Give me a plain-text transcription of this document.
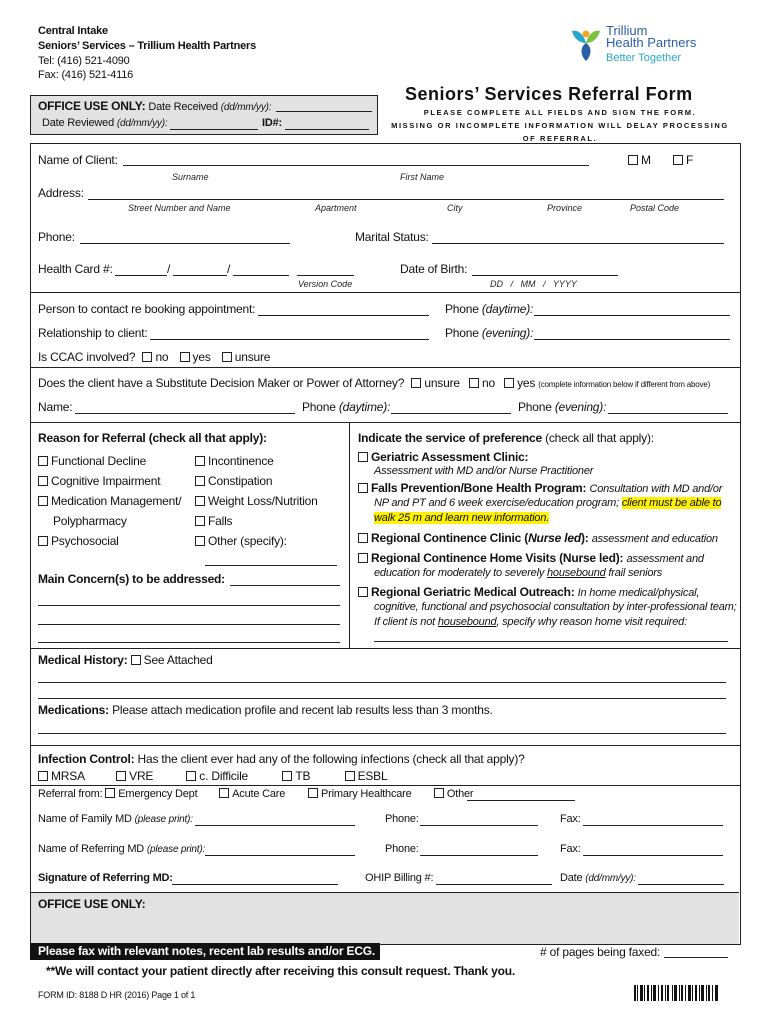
Central Intake
Seniors’ Services – Trillium Health Partners
Tel: (416) 521-4090
Fax: (416) 521-4116
Trillium
Health Partners
Better Together
Seniors’ Services Referral Form
PLEASE COMPLETE ALL FIELDS AND SIGN THE FORM.
MISSING OR INCOMPLETE INFORMATION WILL DELAY PROCESSING
OF REFERRAL.
OFFICE USE ONLY: Date Received (dd/mm/yy):
Date Reviewed (dd/mm/yy):	ID#:
Name of Client:	M	F
Surname	First Name
Address:
Street Number and Name	Apartment	City	Province	Postal Code
Phone:	Marital Status:
Health Card #:	/	/
Version Code
Date of Birth:
DD   /   MM   /   YYYY
Person to contact re booking appointment:	Phone (daytime):
Relationship to client:	Phone (evening):
Is CCAC involved? no yes unsure
Does the client have a Substitute Decision Maker or Power of Attorney? unsure no yes (complete information below if different from above)
Name:	Phone (daytime):	Phone (evening):
Reason for Referral (check all that apply):
Functional Decline
Cognitive Impairment
Medication Management/
Polypharmacy
Psychosocial
Incontinence
Constipation
Weight Loss/Nutrition
Falls
Other (specify):
Main Concern(s) to be addressed:
Indicate the service of preference (check all that apply):
Geriatric Assessment Clinic:
Assessment with MD and/or Nurse Practitioner
Falls Prevention/Bone Health Program: Consultation with MD and/or
NP and PT and 6 week exercise/education program; client must be able to
walk 25 m and learn new information.
Regional Continence Clinic (Nurse led): assessment and education
Regional Continence Home Visits (Nurse led): assessment and
education for moderately to severely housebound frail seniors
Regional Geriatric Medical Outreach: In home medical/physical,
cognitive, functional and psychosocial consultation by inter-professional team;
If client is not housebound, specify why reason home visit required:
Medical History: See Attached
Medications: Please attach medication profile and recent lab results less than 3 months.
Infection Control: Has the client ever had any of the following infections (check all that apply)?
MRSA	VRE	c. Difficile	TB	ESBL
Referral from: Emergency Dept	Acute Care	Primary Healthcare	Other
Name of Family MD (please print):	Phone:	Fax:
Name of Referring MD (please print):	Phone:	Fax:
Signature of Referring MD:	OHIP Billing #:	Date (dd/mm/yy):
OFFICE USE ONLY:
Please fax with relevant notes, recent lab results and/or ECG.	# of pages being faxed:
**We will contact your patient directly after receiving this consult request. Thank you.
FORM ID: 8188 D HR (2016) Page 1 of 1
